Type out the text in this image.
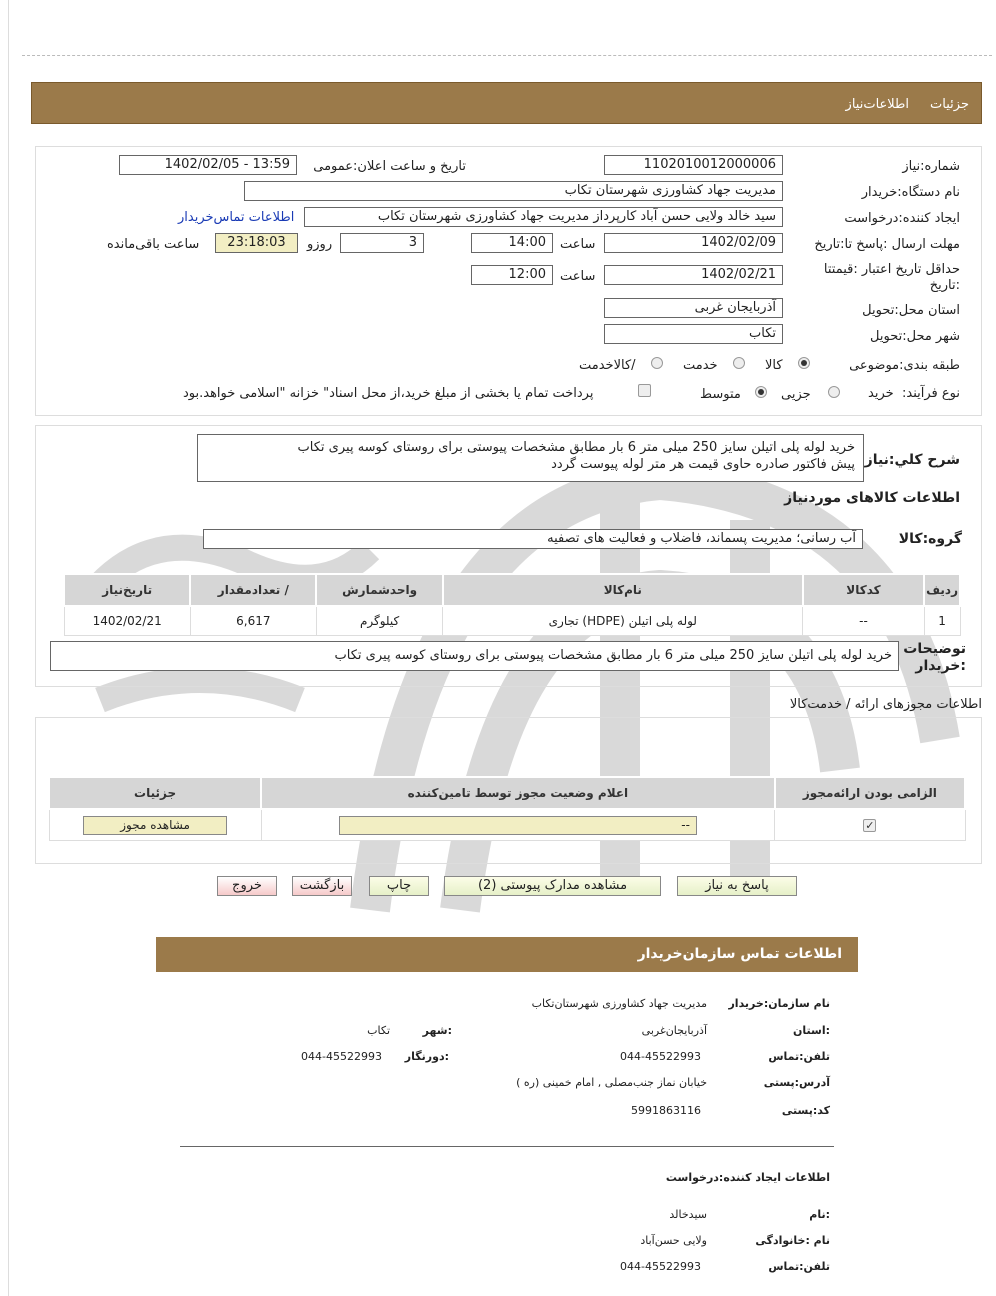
جزئیات
اطلاعات‌نیاز
شماره:نیاز
1102010012000006
تاریخ و ساعت اعلان:عمومی
1402/02/05 - 13:59
نام دستگاه:خریدار
مدیریت جهاد کشاورزی شهرستان تکاب
ایجاد کننده:درخواست
سید خالد ولایی حسن آباد کارپرداز مدیریت جهاد کشاورزی شهرستان تکاب
اطلاعات تماس‌خریدار
مهلت ارسال :پاسخ تا:تاریخ
1402/02/09
ساعت
14:00
3
روزو
23:18:03
ساعت باقی‌مانده
حداقل تاریخ اعتبار :قیمتتا :تاریخ
1402/02/21
ساعت
12:00
استان محل:تحویل
آذربایجان غربی
شهر محل:تحویل
تکاب
طبقه بندی:موضوعی
کالا
خدمت
/کالاخدمت
نوع فرآیند:
خرید
جزیی
متوسط
پرداخت تمام یا بخشی از مبلغ خرید،از محل اسناد" خزانه "اسلامی خواهد.بود
شرح کلي:نیاز
خرید لوله پلی اتیلن سایز 250 میلی متر 6 بار مطابق مشخصات پیوستی برای روستای کوسه پیری تکاب
پیش فاکتور صادره حاوی قیمت هر متر لوله پیوست گردد
اطلاعات کالاهای موردنیاز
گروه:کالا
آب رسانی؛ مدیریت پسماند، فاضلاب و فعالیت های تصفیه
ردیف	کدکالا	نام‌کالا	واحدشمارش	/ تعدادمقدار	تاریخ‌نیاز
1	--	لوله پلی اتیلن (HDPE) تجاری	کیلوگرم	6,617	1402/02/21
توضیحات
:خریدار
خرید لوله پلی اتیلن سایز 250 میلی متر 6 بار مطابق مشخصات پیوستی برای روستای کوسه پیری تکاب
اطلاعات مجوزهای ارائه / خدمت‌کالا
الزامی بودن ارائه‌مجوز	اعلام وضعیت مجوز توسط تامین‌کننده	جزئیات
✓	--	مشاهده مجوز
پاسخ به نیاز
مشاهده مدارک پیوستی (2)
چاپ
بازگشت
خروج
اطلاعات تماس سازمان‌خریدار
نام سازمان:خریدار
مدیریت جهاد کشاورزی شهرستان‌تکاب
:استان
آذربایجان‌غربی
:شهر
تکاب
تلفن:تماس
044-45522993
:دورنگار
044-45522993
آدرس:پستی
خیابان نماز جنب‌مصلی , امام خمینی (ره )
کد:پستی
5991863116
اطلاعات ایجاد کننده:درخواست
:نام
سیدخالد
نام :خانوادگی
ولایی حسن‌آباد
تلفن:تماس
044-45522993
